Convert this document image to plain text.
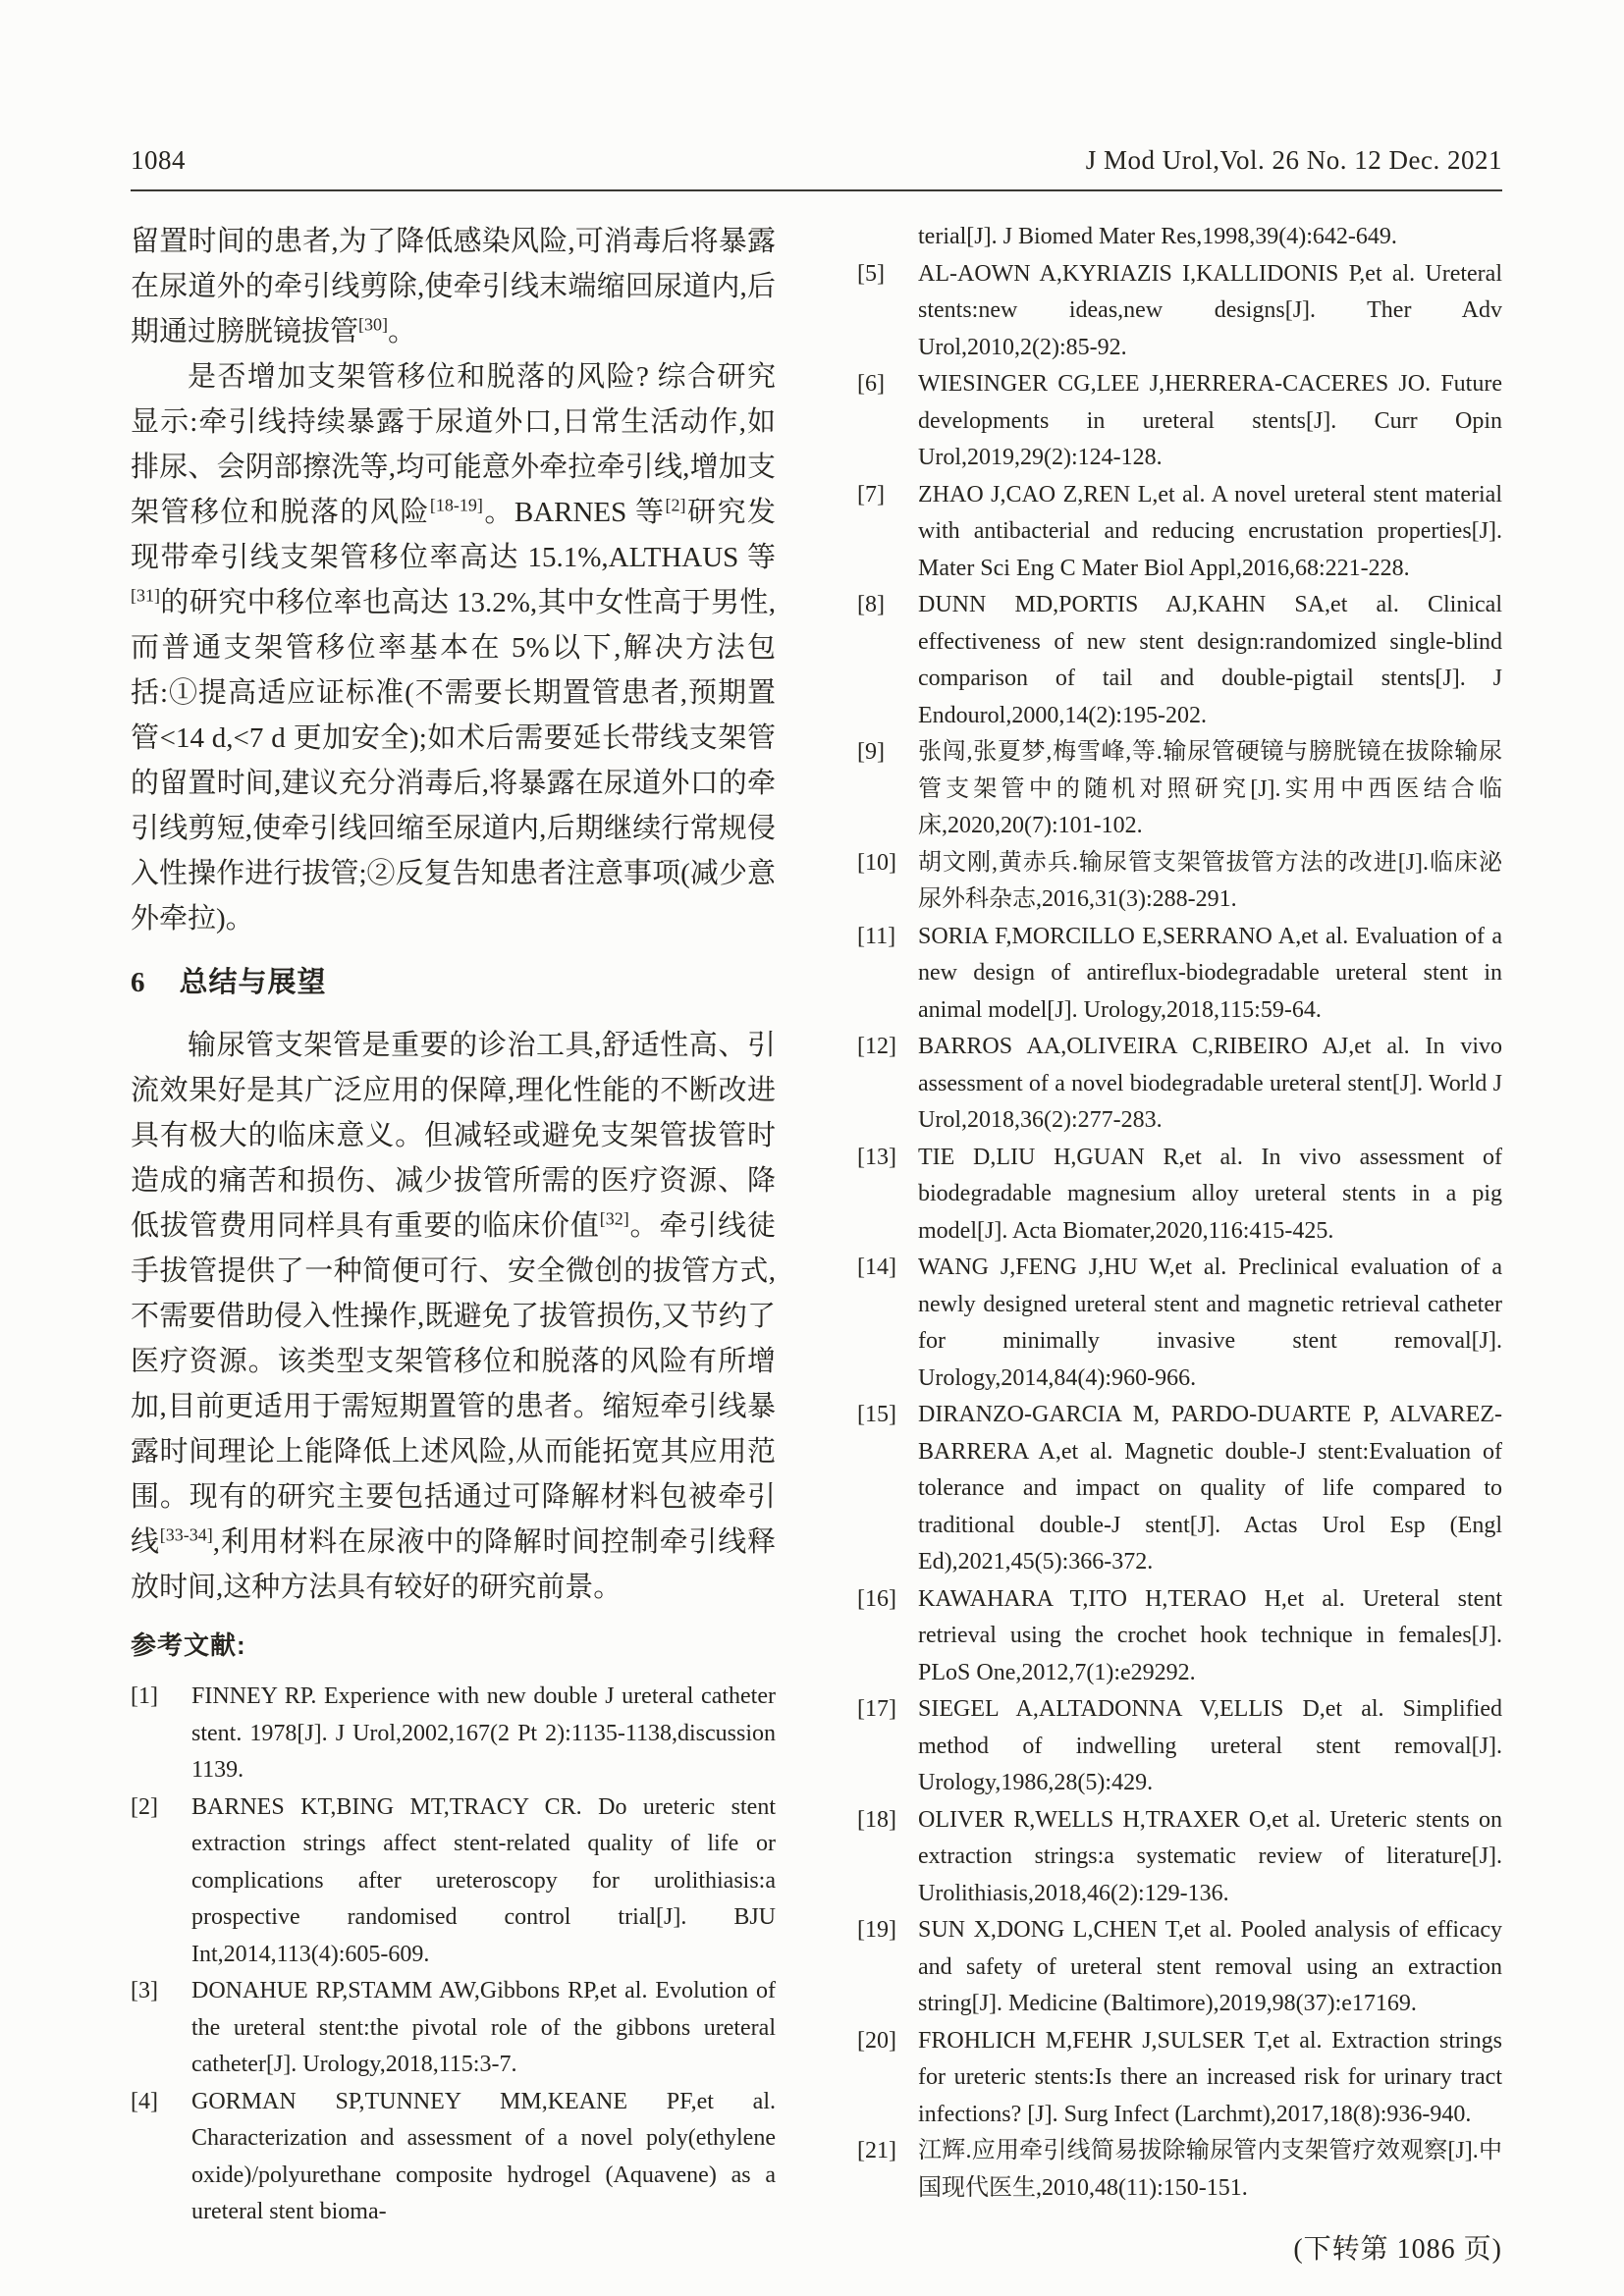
1084	J Mod Urol,Vol. 26 No. 12 Dec. 2021

留置时间的患者,为了降低感染风险,可消毒后将暴露在尿道外的牵引线剪除,使牵引线末端缩回尿道内,后期通过膀胱镜拔管[30]。

是否增加支架管移位和脱落的风险? 综合研究显示:牵引线持续暴露于尿道外口,日常生活动作,如排尿、会阴部擦洗等,均可能意外牵拉牵引线,增加支架管移位和脱落的风险[18-19]。BARNES 等[2]研究发现带牵引线支架管移位率高达 15.1%,ALTHAUS 等[31]的研究中移位率也高达 13.2%,其中女性高于男性,而普通支架管移位率基本在 5%以下,解决方法包括:①提高适应证标准(不需要长期置管患者,预期置管<14 d,<7 d 更加安全);如术后需要延长带线支架管的留置时间,建议充分消毒后,将暴露在尿道外口的牵引线剪短,使牵引线回缩至尿道内,后期继续行常规侵入性操作进行拔管;②反复告知患者注意事项(减少意外牵拉)。

6 总结与展望

输尿管支架管是重要的诊治工具,舒适性高、引流效果好是其广泛应用的保障,理化性能的不断改进具有极大的临床意义。但减轻或避免支架管拔管时造成的痛苦和损伤、减少拔管所需的医疗资源、降低拔管费用同样具有重要的临床价值[32]。牵引线徒手拔管提供了一种简便可行、安全微创的拔管方式,不需要借助侵入性操作,既避免了拔管损伤,又节约了医疗资源。该类型支架管移位和脱落的风险有所增加,目前更适用于需短期置管的患者。缩短牵引线暴露时间理论上能降低上述风险,从而能拓宽其应用范围。现有的研究主要包括通过可降解材料包被牵引线[33-34],利用材料在尿液中的降解时间控制牵引线释放时间,这种方法具有较好的研究前景。

参考文献:
[1] FINNEY RP. Experience with new double J ureteral catheter stent. 1978[J]. J Urol,2002,167(2 Pt 2):1135-1138,discussion 1139.
[2] BARNES KT,BING MT,TRACY CR. Do ureteric stent extraction strings affect stent-related quality of life or complications after ureteroscopy for urolithiasis:a prospective randomised control trial[J]. BJU Int,2014,113(4):605-609.
[3] DONAHUE RP,STAMM AW,Gibbons RP,et al. Evolution of the ureteral stent:the pivotal role of the gibbons ureteral catheter[J]. Urology,2018,115:3-7.
[4] GORMAN SP,TUNNEY MM,KEANE PF,et al. Characterization and assessment of a novel poly(ethylene oxide)/polyurethane composite hydrogel (Aquavene) as a ureteral stent bioma-
terial[J]. J Biomed Mater Res,1998,39(4):642-649.
[5] AL-AOWN A,KYRIAZIS I,KALLIDONIS P,et al. Ureteral stents:new ideas,new designs[J]. Ther Adv Urol,2010,2(2):85-92.
[6] WIESINGER CG,LEE J,HERRERA-CACERES JO. Future developments in ureteral stents[J]. Curr Opin Urol,2019,29(2):124-128.
[7] ZHAO J,CAO Z,REN L,et al. A novel ureteral stent material with antibacterial and reducing encrustation properties[J]. Mater Sci Eng C Mater Biol Appl,2016,68:221-228.
[8] DUNN MD,PORTIS AJ,KAHN SA,et al. Clinical effectiveness of new stent design:randomized single-blind comparison of tail and double-pigtail stents[J]. J Endourol,2000,14(2):195-202.
[9] 张闯,张夏梦,梅雪峰,等.输尿管硬镜与膀胱镜在拔除输尿管支架管中的随机对照研究[J].实用中西医结合临床,2020,20(7):101-102.
[10] 胡文刚,黄赤兵.输尿管支架管拔管方法的改进[J].临床泌尿外科杂志,2016,31(3):288-291.
[11] SORIA F,MORCILLO E,SERRANO A,et al. Evaluation of a new design of antireflux-biodegradable ureteral stent in animal model[J]. Urology,2018,115:59-64.
[12] BARROS AA,OLIVEIRA C,RIBEIRO AJ,et al. In vivo assessment of a novel biodegradable ureteral stent[J]. World J Urol,2018,36(2):277-283.
[13] TIE D,LIU H,GUAN R,et al. In vivo assessment of biodegradable magnesium alloy ureteral stents in a pig model[J]. Acta Biomater,2020,116:415-425.
[14] WANG J,FENG J,HU W,et al. Preclinical evaluation of a newly designed ureteral stent and magnetic retrieval catheter for minimally invasive stent removal[J]. Urology,2014,84(4):960-966.
[15] DIRANZO-GARCIA M, PARDO-DUARTE P, ALVAREZ-BARRERA A,et al. Magnetic double-J stent:Evaluation of tolerance and impact on quality of life compared to traditional double-J stent[J]. Actas Urol Esp (Engl Ed),2021,45(5):366-372.
[16] KAWAHARA T,ITO H,TERAO H,et al. Ureteral stent retrieval using the crochet hook technique in females[J]. PLoS One,2012,7(1):e29292.
[17] SIEGEL A,ALTADONNA V,ELLIS D,et al. Simplified method of indwelling ureteral stent removal[J]. Urology,1986,28(5):429.
[18] OLIVER R,WELLS H,TRAXER O,et al. Ureteric stents on extraction strings:a systematic review of literature[J]. Urolithiasis,2018,46(2):129-136.
[19] SUN X,DONG L,CHEN T,et al. Pooled analysis of efficacy and safety of ureteral stent removal using an extraction string[J]. Medicine (Baltimore),2019,98(37):e17169.
[20] FROHLICH M,FEHR J,SULSER T,et al. Extraction strings for ureteric stents:Is there an increased risk for urinary tract infections? [J]. Surg Infect (Larchmt),2017,18(8):936-940.
[21] 江辉.应用牵引线简易拔除输尿管内支架管疗效观察[J].中国现代医生,2010,48(11):150-151.
(下转第 1086 页)
